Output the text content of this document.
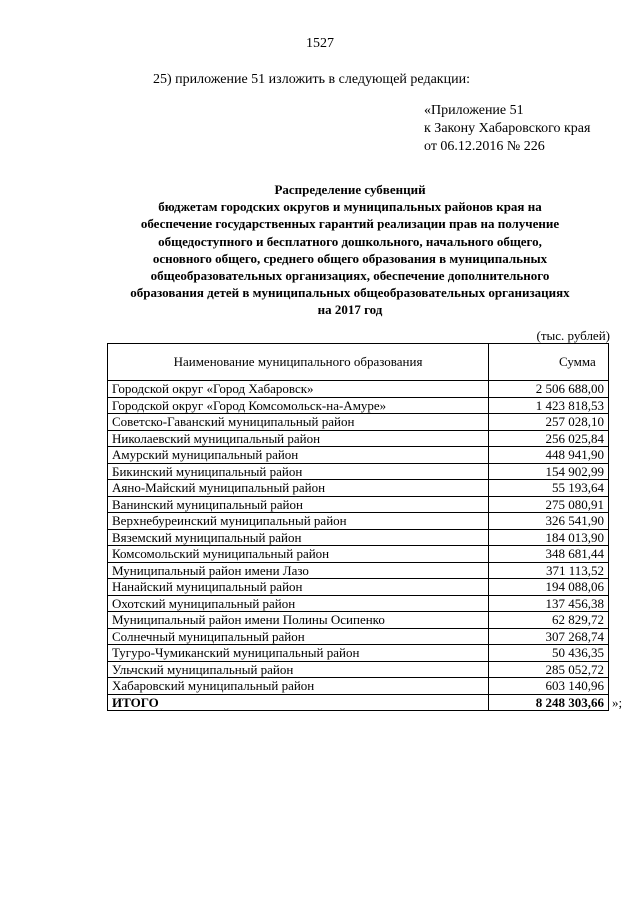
1527
25) приложение 51 изложить в следующей редакции:
«Приложение 51
к Закону Хабаровского края
от 06.12.2016 № 226
Распределение субвенций
бюджетам городских округов и муниципальных районов края на
обеспечение государственных гарантий реализации прав на получение
общедоступного и бесплатного дошкольного, начального общего,
основного общего, среднего общего образования в муниципальных
общеобразовательных организациях, обеспечение дополнительного
образования детей в муниципальных общеобразовательных организациях
на 2017 год
(тыс. рублей)
Наименование муниципального образования	Сумма
Городской округ «Город Хабаровск»	2 506 688,00
Городской округ «Город Комсомольск-на-Амуре»	1 423 818,53
Советско-Гаванский муниципальный район	257 028,10
Николаевский муниципальный район	256 025,84
Амурский муниципальный район	448 941,90
Бикинский муниципальный район	154 902,99
Аяно-Майский муниципальный район	55 193,64
Ванинский муниципальный район	275 080,91
Верхнебуреинский муниципальный район	326 541,90
Вяземский муниципальный район	184 013,90
Комсомольский муниципальный район	348 681,44
Муниципальный район имени Лазо	371 113,52
Нанайский муниципальный район	194 088,06
Охотский муниципальный район	137 456,38
Муниципальный район имени Полины Осипенко	62 829,72
Солнечный муниципальный район	307 268,74
Тугуро-Чумиканский муниципальный район	50 436,35
Ульчский муниципальный район	285 052,72
Хабаровский муниципальный район	603 140,96
ИТОГО	8 248 303,66 »;
